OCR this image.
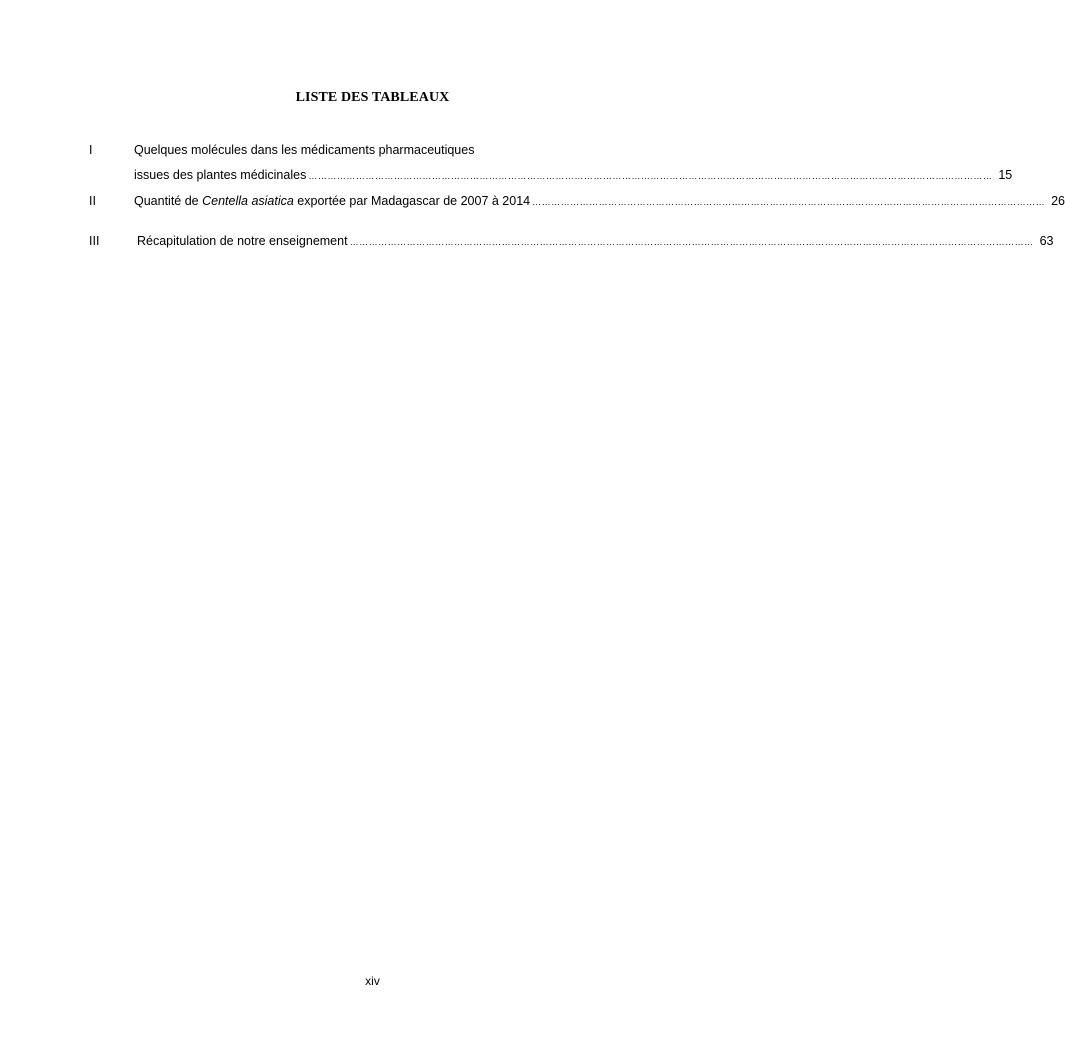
LISTE DES TABLEAUX
I	Quelques molécules dans les médicaments pharmaceutiques
issues des plantes médicinales ……………………………………………………………………………………………………………………………………………………………………………………………… 15
II	Quantité de Centella asiatica exportée par Madagascar de 2007 à 2014 ……………………………………………………………………………………………………………………………………………… 26
III	Récapitulation de notre enseignement ……………………………………………………………………………………………………………………………………………………………………………………………… 63
xiv
